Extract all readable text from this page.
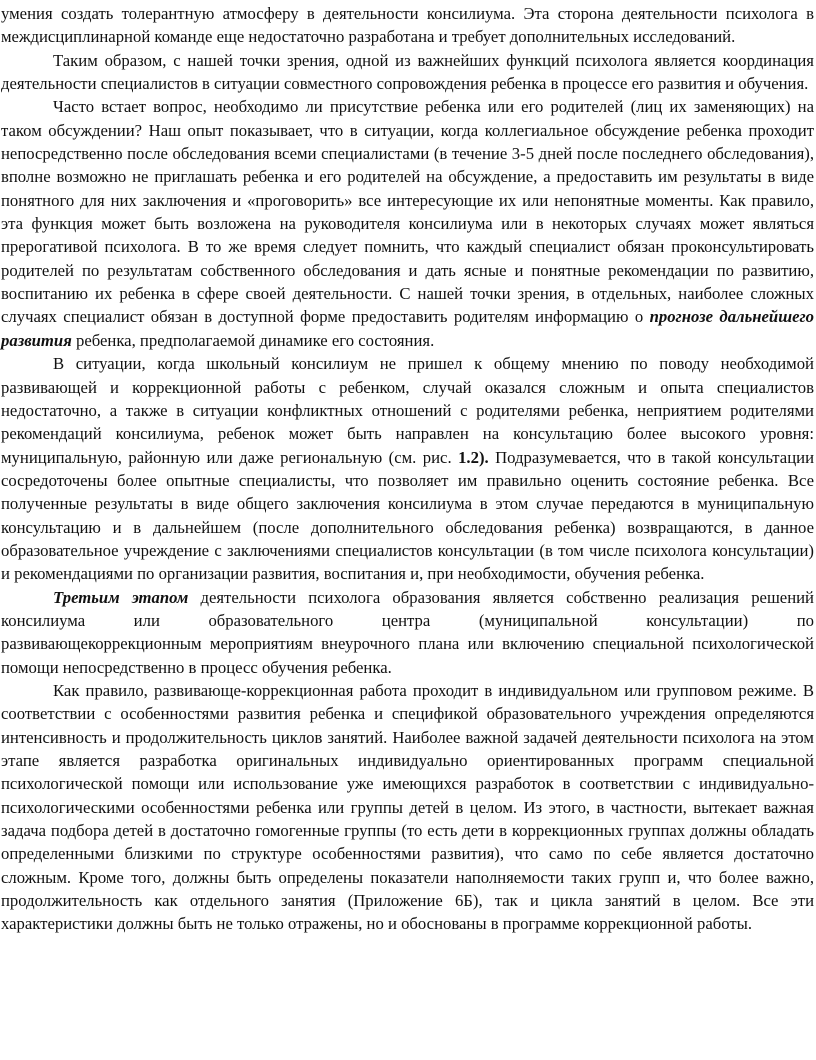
умения создать толерантную атмосферу в деятельности консилиума. Эта сторона деятельности психолога в междисциплинарной команде еще недостаточно разработана и требует дополнительных исследований.

Таким образом, с нашей точки зрения, одной из важнейших функций психолога является координация деятельности специалистов в ситуации совместного сопровождения ребенка в процессе его развития и обучения.

Часто встает вопрос, необходимо ли присутствие ребенка или его родителей (лиц их заменяющих) на таком обсуждении? Наш опыт показывает, что в ситуации, когда коллегиальное обсуждение ребенка проходит непосредственно после обследования всеми специалистами (в течение 3-5 дней после последнего обследования), вполне возможно не приглашать ребенка и его родителей на обсуждение, а предоставить им результаты в виде понятного для них заключения и «проговорить» все интересующие их или непонятные моменты. Как правило, эта функция может быть возложена на руководителя консилиума или в некоторых случаях может являться прерогативой психолога. В то же время следует помнить, что каждый специалист обязан проконсультировать родителей по результатам собственного обследования и дать ясные и понятные рекомендации по развитию, воспитанию их ребенка в сфере своей деятельности. С нашей точки зрения, в отдельных, наиболее сложных случаях специалист обязан в доступной форме предоставить родителям информацию о прогнозе дальнейшего развития ребенка, предполагаемой динамике его состояния.

В ситуации, когда школьный консилиум не пришел к общему мнению по поводу необходимой развивающей и коррекционной работы с ребенком, случай оказался сложным и опыта специалистов недостаточно, а также в ситуации конфликтных отношений с родителями ребенка, неприятием родителями рекомендаций консилиума, ребенок может быть направлен на консультацию более высокого уровня: муниципальную, районную или даже региональную (см. рис. 1.2). Подразумевается, что в такой консультации сосредоточены более опытные специалисты, что позволяет им правильно оценить состояние ребенка. Все полученные результаты в виде общего заключения консилиума в этом случае передаются в муниципальную консультацию и в дальнейшем (после дополнительного обследования ребенка) возвращаются, в данное образовательное учреждение с заключениями специалистов консультации (в том числе психолога консультации) и рекомендациями по организации развития, воспитания и, при необходимости, обучения ребенка.

Третьим этапом деятельности психолога образования является собственно реализация решений консилиума или образовательного центра (муниципальной консультации) по

развивающекоррекционным мероприятиям внеурочного плана или включению специальной психологической помощи непосредственно в процесс обучения ребенка.

Как правило, развивающе-коррекционная работа проходит в индивидуальном или групповом режиме. В соответствии с особенностями развития ребенка и спецификой образовательного учреждения определяются интенсивность и продолжительность циклов занятий. Наиболее важной задачей деятельности психолога на этом этапе является разработка оригинальных индивидуально ориентированных программ специальной психологической помощи или использование уже имеющихся разработок в соответствии с индивидуально-психологическими особенностями ребенка или группы детей в целом. Из этого, в частности, вытекает важная задача подбора детей в достаточно гомогенные группы (то есть дети в коррекционных группах должны обладать определенными близкими по структуре особенностями развития), что само по себе является достаточно сложным. Кроме того, должны быть определены показатели наполняемости таких групп и, что более важно, продолжительность как отдельного занятия (Приложение 6Б), так и цикла занятий в целом. Все эти характеристики должны быть не только отражены, но и обоснованы в программе коррекционной работы.
